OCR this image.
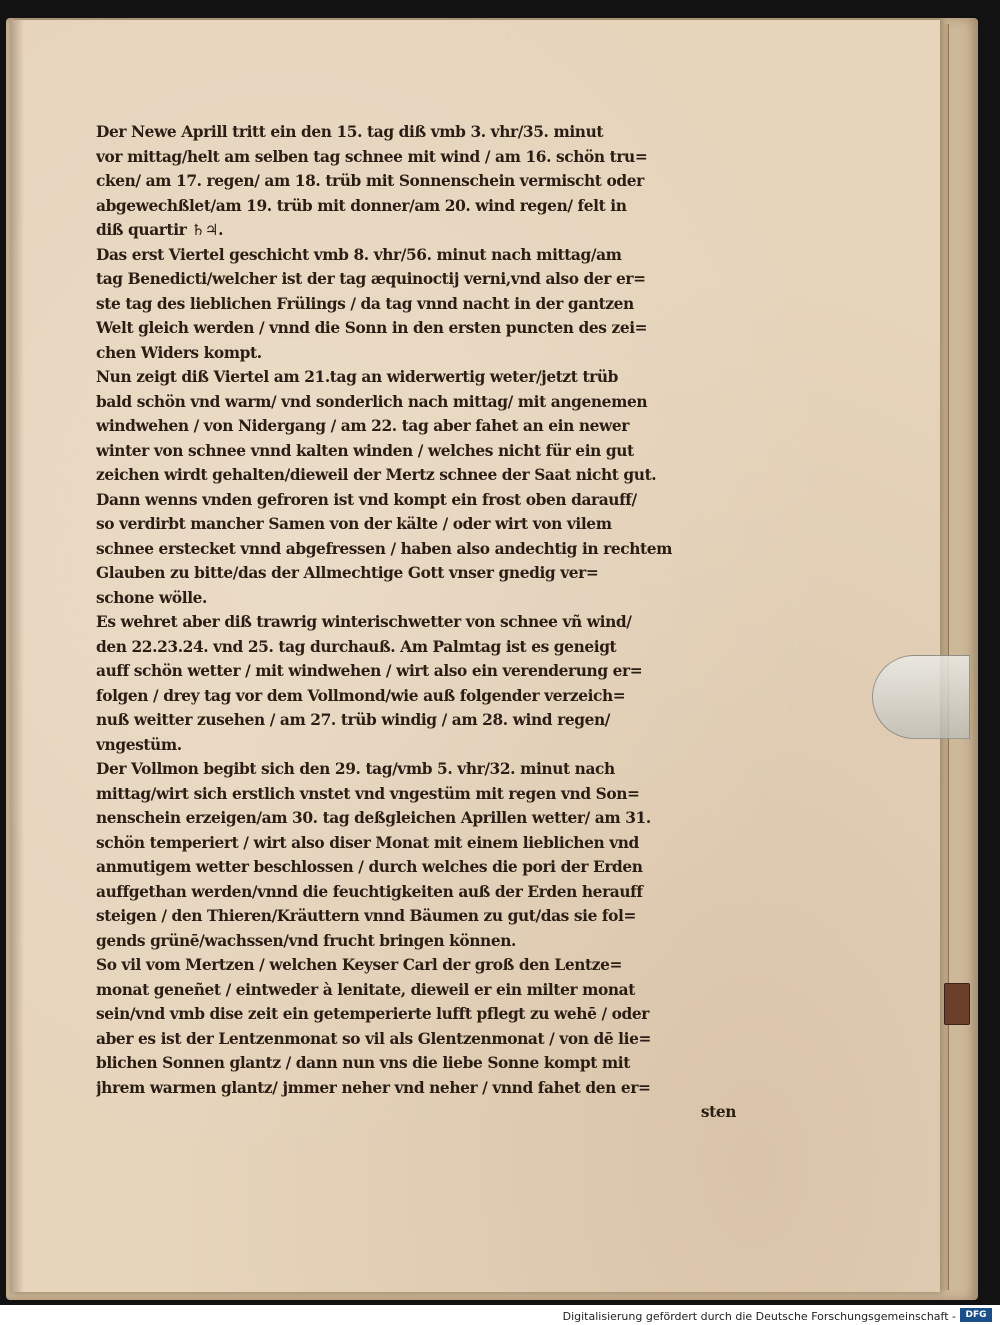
Der Newe Aprill tritt ein den 15. tag diß vmb 3. vhr/35. minut
vor mittag/helt am selben tag schnee mit wind / am 16. schön tru=
cken/ am 17. regen/ am 18. trüb mit Sonnenschein vermischt oder
abgewechßlet/am 19. trüb mit donner/am 20. wind regen/ felt in
diß quartir ♄♃.
Das erst Viertel geschicht vmb 8. vhr/56. minut nach mittag/am
tag Benedicti/welcher ist der tag æquinoctij verni,vnd also der er=
ste tag des lieblichen Frülings / da tag vnnd nacht in der gantzen
Welt gleich werden / vnnd die Sonn in den ersten puncten des zei=
chen Widers kompt.
Nun zeigt diß Viertel am 21.tag an widerwertig weter/jetzt trüb
bald schön vnd warm/ vnd sonderlich nach mittag/ mit angenemen
windwehen / von Nidergang / am 22. tag aber fahet an ein newer
winter von schnee vnnd kalten winden / welches nicht für ein gut
zeichen wirdt gehalten/dieweil der Mertz schnee der Saat nicht gut.
Dann wenns vnden gefroren ist vnd kompt ein frost oben darauff/
so verdirbt mancher Samen von der kälte / oder wirt von vilem
schnee erstecket vnnd abgefressen / haben also andechtig in rechtem
Glauben zu bitte/das der Allmechtige Gott vnser gnedig ver=
schone wölle.
Es wehret aber diß trawrig winterischwetter von schnee vñ wind/
den 22.23.24. vnd 25. tag durchauß. Am Palmtag ist es geneigt
auff schön wetter / mit windwehen / wirt also ein verenderung er=
folgen / drey tag vor dem Vollmond/wie auß folgender verzeich=
nuß weitter zusehen / am 27. trüb windig / am 28. wind regen/
vngestüm.
Der Vollmon begibt sich den 29. tag/vmb 5. vhr/32. minut nach
mittag/wirt sich erstlich vnstet vnd vngestüm mit regen vnd Son=
nenschein erzeigen/am 30. tag deßgleichen Aprillen wetter/ am 31.
schön temperiert / wirt also diser Monat mit einem lieblichen vnd
anmutigem wetter beschlossen / durch welches die pori der Erden
auffgethan werden/vnnd die feuchtigkeiten auß der Erden herauff
steigen / den Thieren/Kräuttern vnnd Bäumen zu gut/das sie fol=
gends grünē/wachssen/vnd frucht bringen können.
So vil vom Mertzen / welchen Keyser Carl der groß den Lentze=
monat geneñet / eintweder à lenitate, dieweil er ein milter monat
sein/vnd vmb dise zeit ein getemperierte lufft pflegt zu wehē / oder
aber es ist der Lentzenmonat so vil als Glentzenmonat / von dē lie=
blichen Sonnen glantz / dann nun vns die liebe Sonne kompt mit
jhrem warmen glantz/ jmmer neher vnd neher / vnnd fahet den er=
sten
Digitalisierung gefördert durch die Deutsche Forschungsgemeinschaft -	DFG
